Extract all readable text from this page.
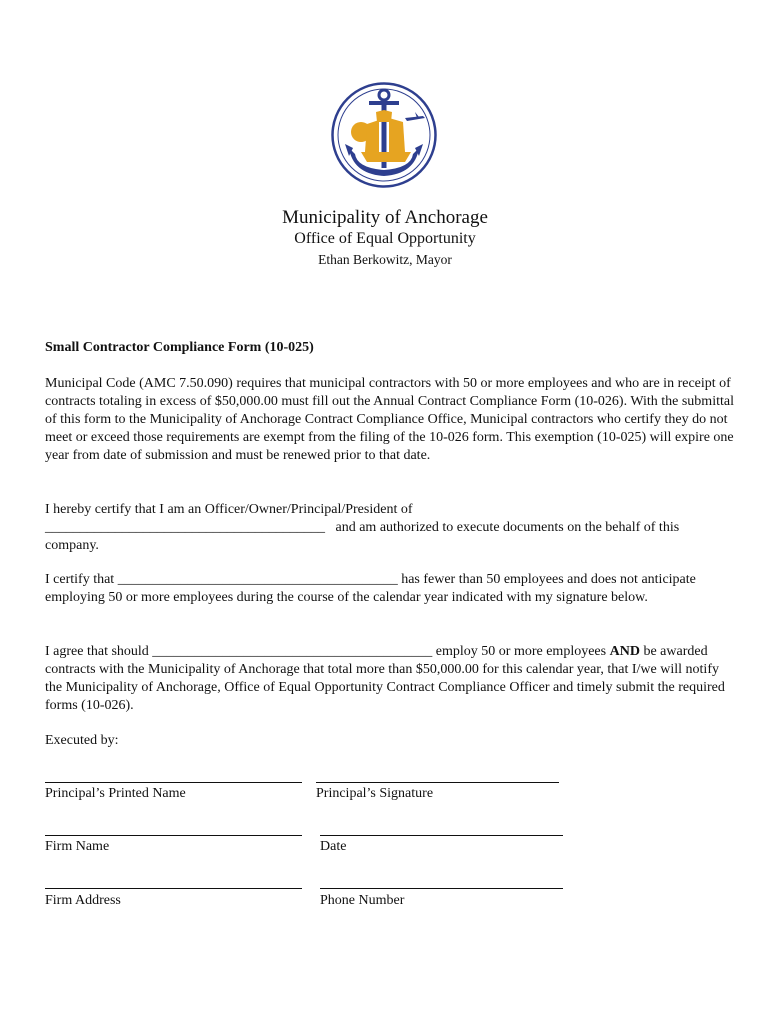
Municipality of Anchorage
Office of Equal Opportunity
Ethan Berkowitz, Mayor
Small Contractor Compliance Form (10-025)
Municipal Code (AMC 7.50.090) requires that municipal contractors with 50 or more employees and who are in receipt of contracts totaling in excess of $50,000.00 must fill out the Annual Contract Compliance Form (10-026). With the submittal of this form to the Municipality of Anchorage Contract Compliance Office, Municipal contractors who certify they do not meet or exceed those requirements are exempt from the filing of the 10-026 form. This exemption (10-025) will expire one year from date of submission and must be renewed prior to that date.
I hereby certify that I am an Officer/Owner/Principal/President of
________________________________________ and am authorized to execute documents on the behalf of this company.
I certify that ________________________________________ has fewer than 50 employees and does not anticipate employing 50 or more employees during the course of the calendar year indicated with my signature below.
I agree that should ________________________________________ employ 50 or more employees AND be awarded contracts with the Municipality of Anchorage that total more than $50,000.00 for this calendar year, that I/we will notify the Municipality of Anchorage, Office of Equal Opportunity Contract Compliance Officer and timely submit the required forms (10-026).
Executed by:
Principal’s Printed Name	Principal’s Signature
Firm Name	Date
Firm Address	Phone Number
